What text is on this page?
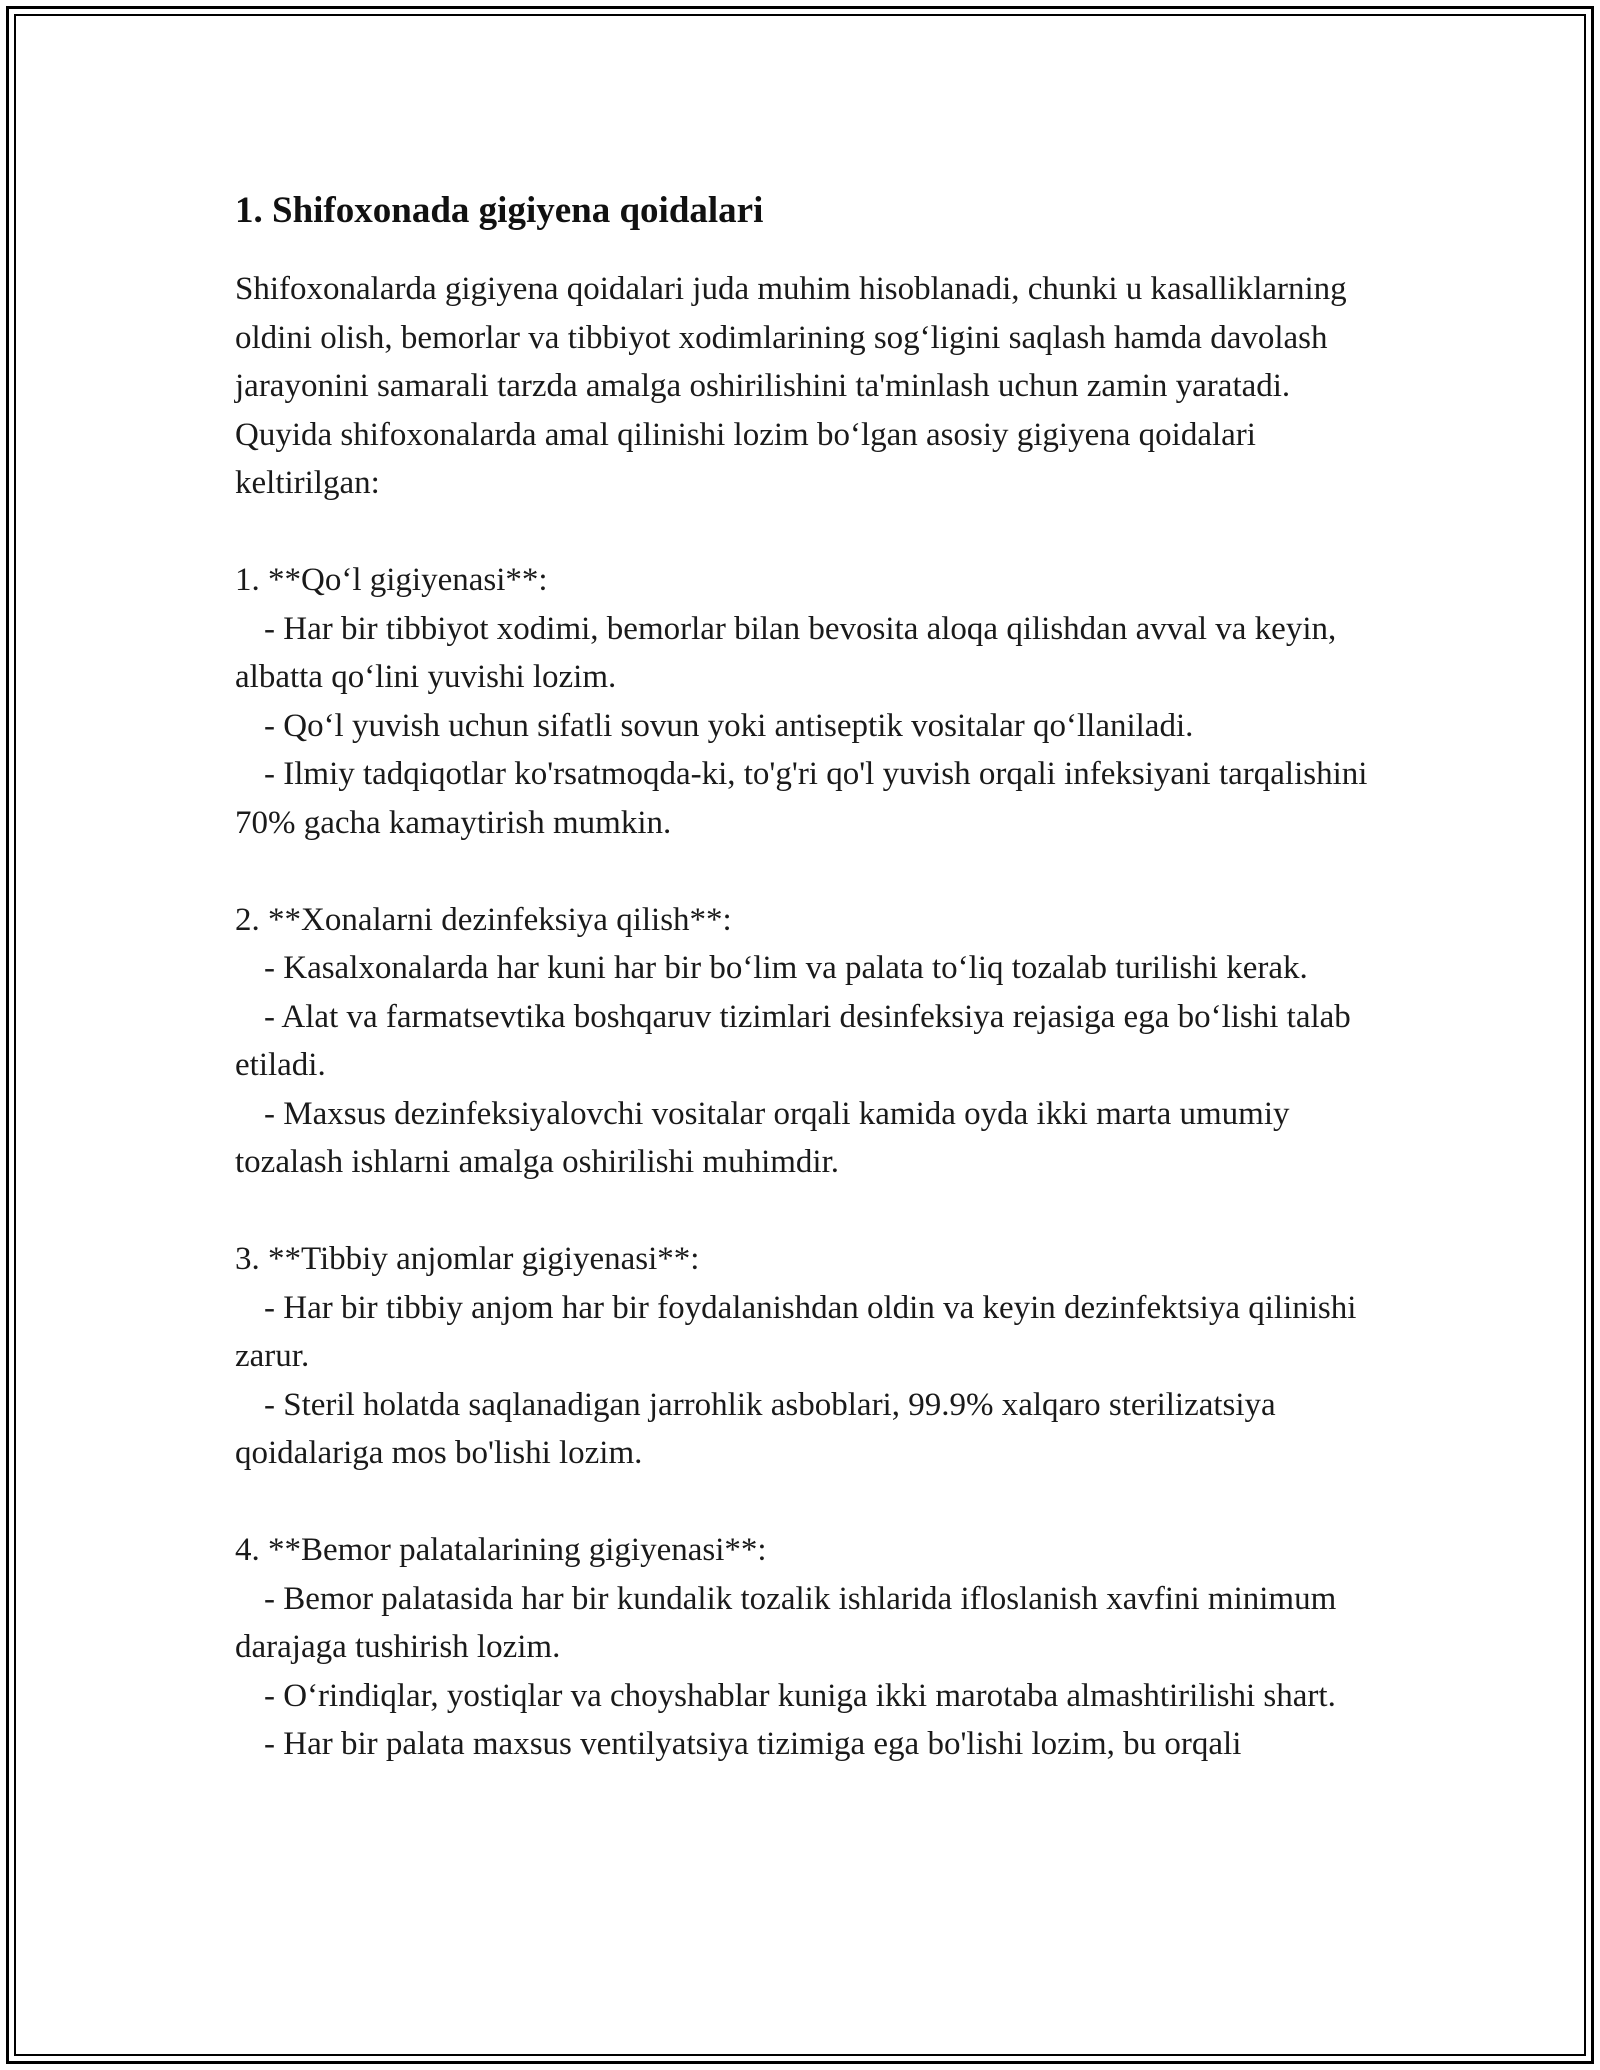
1. Shifoxonada gigiyena qoidalari

Shifoxonalarda gigiyena qoidalari juda muhim hisoblanadi, chunki u kasalliklarning oldini olish, bemorlar va tibbiyot xodimlarining sog‘ligini saqlash hamda davolash jarayonini samarali tarzda amalga oshirilishini ta'minlash uchun zamin yaratadi. Quyida shifoxonalarda amal qilinishi lozim bo‘lgan asosiy gigiyena qoidalari keltirilgan:

1. **Qo‘l gigiyenasi**:

- Har bir tibbiyot xodimi, bemorlar bilan bevosita aloqa qilishdan avval va keyin, albatta qo‘lini yuvishi lozim.

- Qo‘l yuvish uchun sifatli sovun yoki antiseptik vositalar qo‘llaniladi.

- Ilmiy tadqiqotlar ko'rsatmoqda-ki, to'g'ri qo'l yuvish orqali infeksiyani tarqalishini 70% gacha kamaytirish mumkin.

2. **Xonalarni dezinfeksiya qilish**:

- Kasalxonalarda har kuni har bir bo‘lim va palata to‘liq tozalab turilishi kerak.

- Alat va farmatsevtika boshqaruv tizimlari desinfeksiya rejasiga ega bo‘lishi talab etiladi.

- Maxsus dezinfeksiyalovchi vositalar orqali kamida oyda ikki marta umumiy tozalash ishlarni amalga oshirilishi muhimdir.

3. **Tibbiy anjomlar gigiyenasi**:

- Har bir tibbiy anjom har bir foydalanishdan oldin va keyin dezinfektsiya qilinishi zarur.

- Steril holatda saqlanadigan jarrohlik asboblari, 99.9% xalqaro sterilizatsiya qoidalariga mos bo'lishi lozim.

4. **Bemor palatalarining gigiyenasi**:

- Bemor palatasida har bir kundalik tozalik ishlarida ifloslanish xavfini minimum darajaga tushirish lozim.

- O‘rindiqlar, yostiqlar va choyshablar kuniga ikki marotaba almashtirilishi shart.

- Har bir palata maxsus ventilyatsiya tizimiga ega bo'lishi lozim, bu orqali
